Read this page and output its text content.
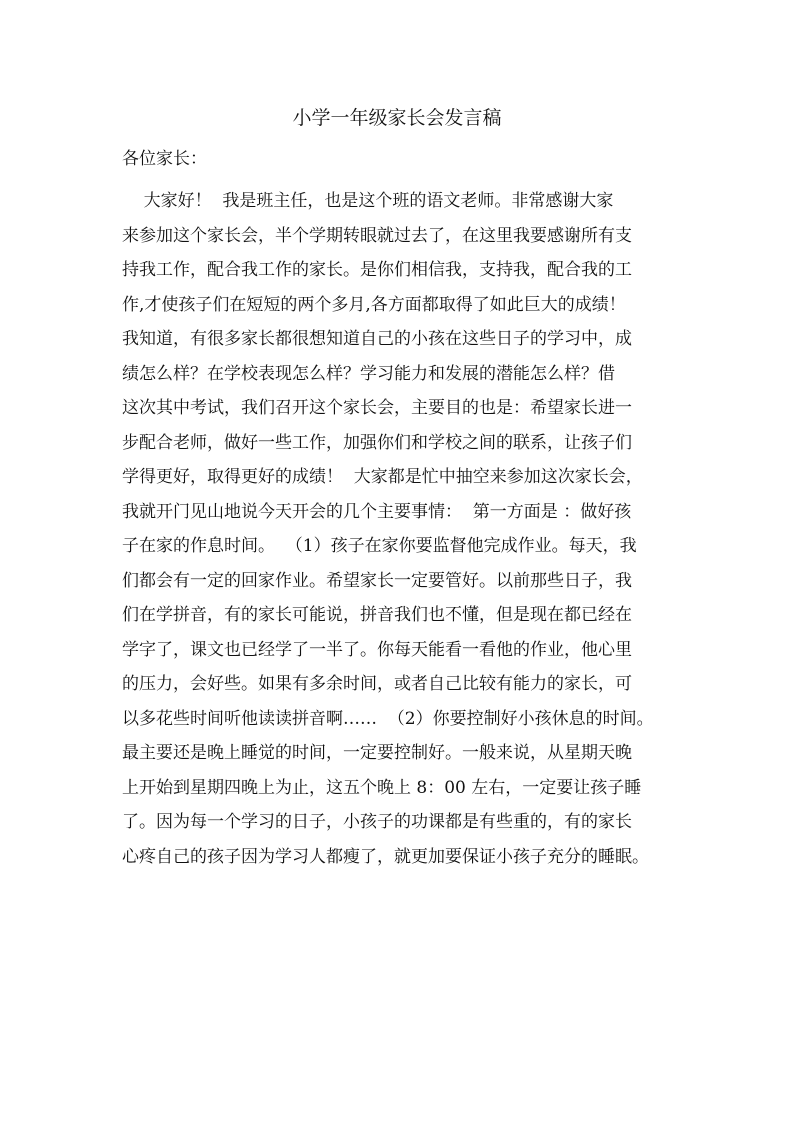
小学一年级家长会发言稿
各位家长：
大家好！  我是班主任，也是这个班的语文老师。非常感谢大家
来参加这个家长会，半个学期转眼就过去了，在这里我要感谢所有支
持我工作，配合我工作的家长。是你们相信我，支持我，配合我的工
作,才使孩子们在短短的两个多月,各方面都取得了如此巨大的成绩！
我知道，有很多家长都很想知道自己的小孩在这些日子的学习中，成
绩怎么样？在学校表现怎么样？学习能力和发展的潜能怎么样？借
这次其中考试，我们召开这个家长会，主要目的也是：希望家长进一
步配合老师，做好一些工作，加强你们和学校之间的联系，让孩子们
学得更好，取得更好的成绩！  大家都是忙中抽空来参加这次家长会，
我就开门见山地说今天开会的几个主要事情：  第一方面是 ：做好孩
子在家的作息时间。  （1）孩子在家你要监督他完成作业。每天，我
们都会有一定的回家作业。希望家长一定要管好。以前那些日子，我
们在学拼音，有的家长可能说，拼音我们也不懂，但是现在都已经在
学字了，课文也已经学了一半了。你每天能看一看他的作业，他心里
的压力，会好些。如果有多余时间，或者自己比较有能力的家长，可
以多花些时间听他读读拼音啊……  （2）你要控制好小孩休息的时间。
最主要还是晚上睡觉的时间，一定要控制好。一般来说，从星期天晚
上开始到星期四晚上为止，这五个晚上 8：00 左右，一定要让孩子睡
了。因为每一个学习的日子，小孩子的功课都是有些重的，有的家长
心疼自己的孩子因为学习人都瘦了，就更加要保证小孩子充分的睡眠。
